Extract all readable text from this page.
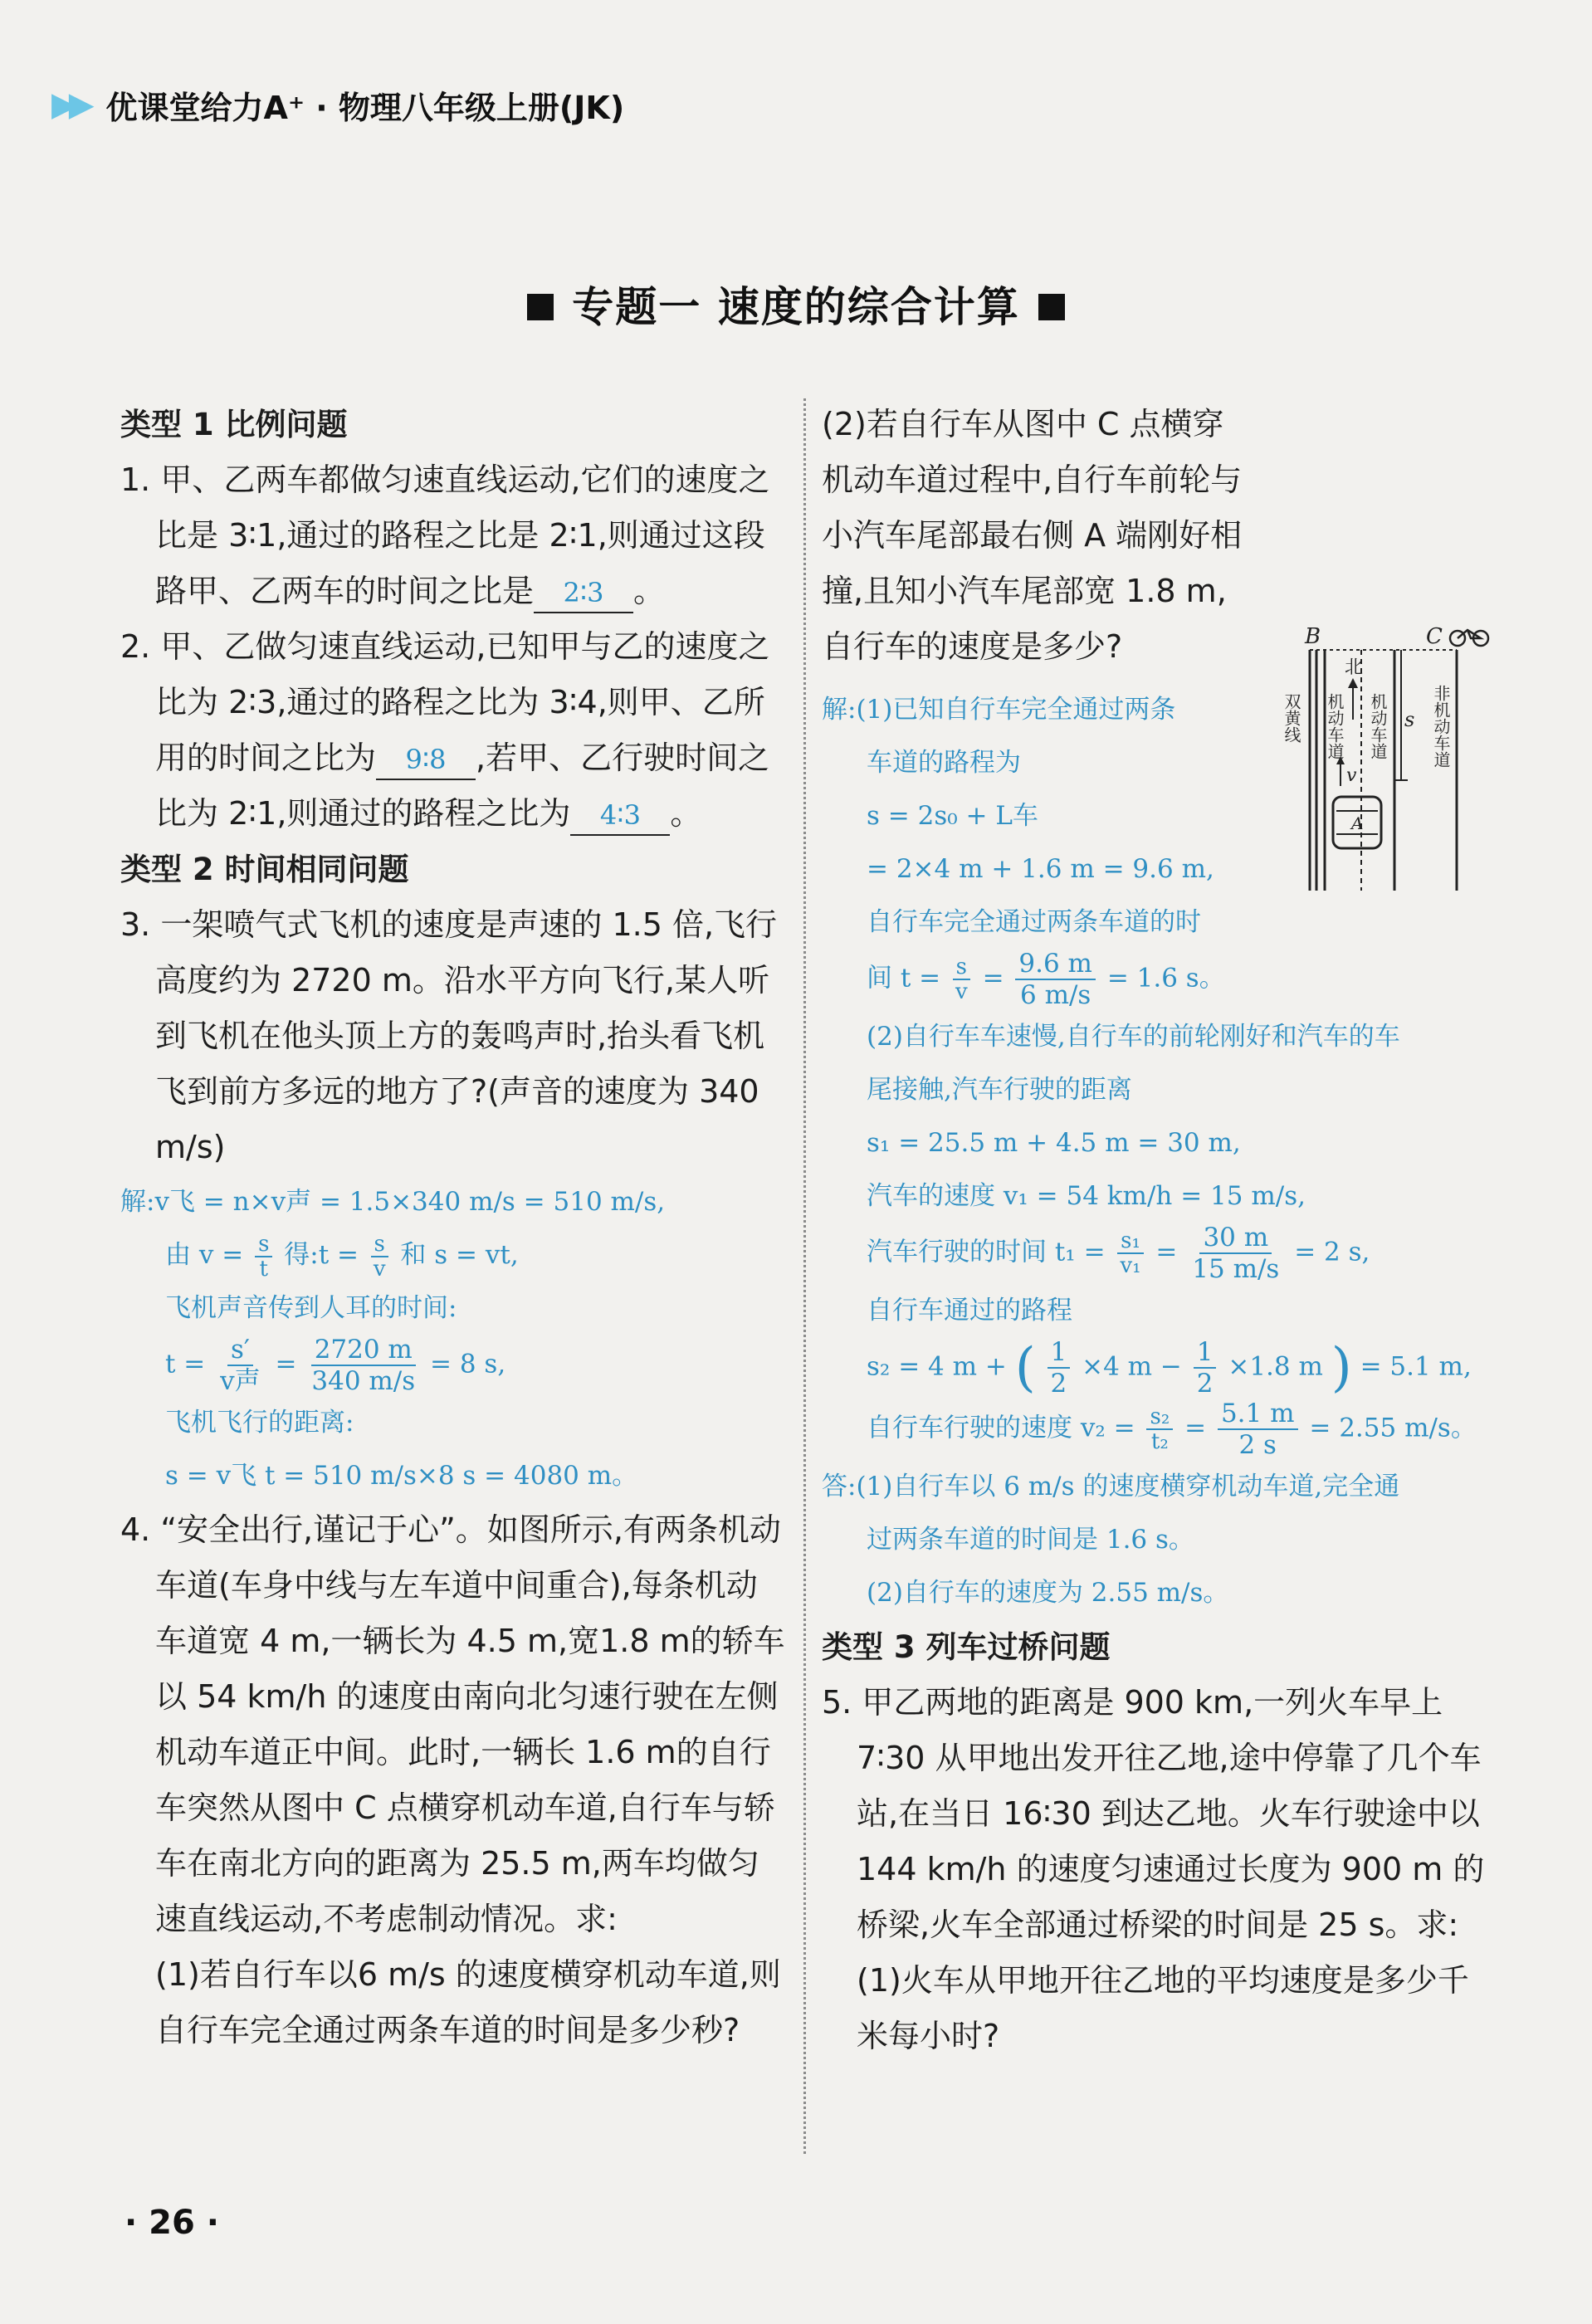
▶▶ 优课堂给力A⁺ · 物理八年级上册(JK)
专题一 速度的综合计算
类型 1 比例问题
1. 甲、乙两车都做匀速直线运动,它们的速度之比是 3∶1,通过的路程之比是 2∶1,则通过这段路甲、乙两车的时间之比是 2∶3 。
2. 甲、乙做匀速直线运动,已知甲与乙的速度之比为 2∶3,通过的路程之比为 3∶4,则甲、乙所用的时间之比为 9∶8 ,若甲、乙行驶时间之比为 2∶1,则通过的路程之比为 4∶3 。
类型 2 时间相同问题
3. 一架喷气式飞机的速度是声速的 1.5 倍,飞行高度约为 2720 m。沿水平方向飞行,某人听到飞机在他头顶上方的轰鸣声时,抬头看飞机飞到前方多远的地方了?(声音的速度为 340 m/s)
解:v飞 = n×v声 = 1.5×340 m/s = 510 m/s,
由 $v = \frac{s}{t}$ 得:t = $\frac{s}{v}$ 和 s = vt,
飞机声音传到人耳的时间:
$t = \frac{s'}{\text{v声}} = \frac{2720 m}{340 m/s} = 8$ s,
飞机飞行的距离:
s = v飞 t = 510 m/s×8 s = 4080 m。
4. “安全出行,谨记于心”。如图所示,有两条机动车道(车身中线与左车道中间重合),每条机动车道宽 4 m,一辆长为 4.5 m,宽1.8 m的轿车以 54 km/h 的速度由南向北匀速行驶在左侧机动车道正中间。此时,一辆长 1.6 m的自行车突然从图中 C 点横穿机动车道,自行车与轿车在南北方向的距离为 25.5 m,两车均做匀速直线运动,不考虑制动情况。求:
(1)若自行车以6 m/s 的速度横穿机动车道,则自行车完全通过两条车道的时间是多少秒?
(2)若自行车从图中 C 点横穿机动车道过程中,自行车前轮与小汽车尾部最右侧 A 端刚好相撞,且知小汽车尾部宽 1.8 m,自行车的速度是多少?
解:(1)已知自行车完全通过两条
车道的路程为
s = 2s₀ + L车
= 2×4 m + 1.6 m = 9.6 m,
自行车完全通过两条车道的时
间 $t = \frac{s}{v} = \frac{9.6 m}{6 m/s} = 1.6$ s。
(2)自行车车速慢,自行车的前轮刚好和汽车的车
尾接触,汽车行驶的距离
s₁ = 25.5 m + 4.5 m = 30 m,
汽车的速度 v₁ = 54 km/h = 15 m/s,
汽车行驶的时间 $t_1 = \frac{\text{s₁}}{\text{v₁}} = \frac{30 m}{15 m/s} = 2$ s,
自行车通过的路程
s₂ = 4 m + ( $\frac{1}{2} \times 4$ $m - \frac{1}{2} \times 1.8$ m ) = 5.1 m,
自行车行驶的速度 $v_2 = \frac{\text{s₂}}{\text{t₂}} = \frac{5.1 m}{2 s} = 2.55$ m/s。
答:(1)自行车以 6 m/s 的速度横穿机动车道,完全通
过两条车道的时间是 1.6 s。
(2)自行车的速度为 2.55 m/s。
类型 3 列车过桥问题
5. 甲乙两地的距离是 900 km,一列火车早上 7∶30 从甲地出发开往乙地,途中停靠了几个车站,在当日 16∶30 到达乙地。火车行驶途中以 144 km/h 的速度匀速通过长度为 900 m 的桥梁,火车全部通过桥梁的时间是 25 s。求:
(1)火车从甲地开往乙地的平均速度是多少千米每小时?
B	C
北
s
v
A
双黄线 机动车道 机动车道	非机动车道
· 26 ·
